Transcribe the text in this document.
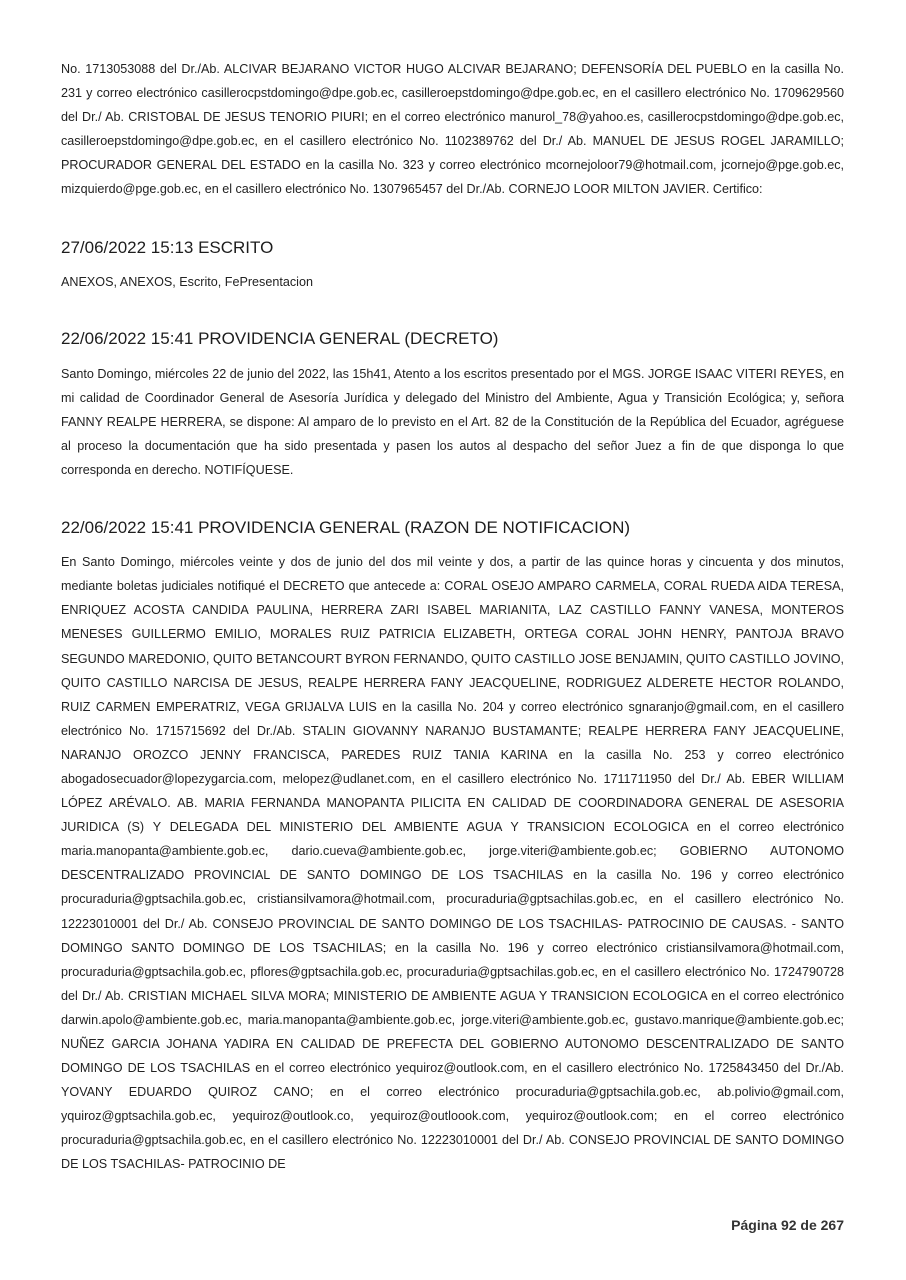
No. 1713053088 del Dr./Ab. ALCIVAR BEJARANO VICTOR HUGO ALCIVAR BEJARANO; DEFENSORÍA DEL PUEBLO en la casilla No. 231 y correo electrónico casillerocpstdomingo@dpe.gob.ec, casilleroepstdomingo@dpe.gob.ec, en el casillero electrónico No. 1709629560 del Dr./ Ab. CRISTOBAL DE JESUS TENORIO PIURI; en el correo electrónico manurol_78@yahoo.es, casillerocpstdomingo@dpe.gob.ec, casilleroepstdomingo@dpe.gob.ec, en el casillero electrónico No. 1102389762 del Dr./ Ab. MANUEL DE JESUS ROGEL JARAMILLO; PROCURADOR GENERAL DEL ESTADO en la casilla No. 323 y correo electrónico mcornejoloor79@hotmail.com, jcornejo@pge.gob.ec, mizquierdo@pge.gob.ec, en el casillero electrónico No. 1307965457 del Dr./Ab. CORNEJO LOOR MILTON JAVIER. Certifico:

27/06/2022 15:13 ESCRITO

ANEXOS, ANEXOS, Escrito, FePresentacion

22/06/2022 15:41 PROVIDENCIA GENERAL (DECRETO)

Santo Domingo, miércoles 22 de junio del 2022, las 15h41, Atento a los escritos presentado por el MGS. JORGE ISAAC VITERI REYES, en mi calidad de Coordinador General de Asesoría Jurídica y delegado del Ministro del Ambiente, Agua y Transición Ecológica; y, señora FANNY REALPE HERRERA, se dispone: Al amparo de lo previsto en el Art. 82 de la Constitución de la República del Ecuador, agréguese al proceso la documentación que ha sido presentada y pasen los autos al despacho del señor Juez a fin de que disponga lo que corresponda en derecho. NOTIFÍQUESE.

22/06/2022 15:41 PROVIDENCIA GENERAL (RAZON DE NOTIFICACION)

En Santo Domingo, miércoles veinte y dos de junio del dos mil veinte y dos, a partir de las quince horas y cincuenta y dos minutos, mediante boletas judiciales notifiqué el DECRETO que antecede a: CORAL OSEJO AMPARO CARMELA, CORAL RUEDA AIDA TERESA, ENRIQUEZ ACOSTA CANDIDA PAULINA, HERRERA ZARI ISABEL MARIANITA, LAZ CASTILLO FANNY VANESA, MONTEROS MENESES GUILLERMO EMILIO, MORALES RUIZ PATRICIA ELIZABETH, ORTEGA CORAL JOHN HENRY, PANTOJA BRAVO SEGUNDO MAREDONIO, QUITO BETANCOURT BYRON FERNANDO, QUITO CASTILLO JOSE BENJAMIN, QUITO CASTILLO JOVINO, QUITO CASTILLO NARCISA DE JESUS, REALPE HERRERA FANY JEACQUELINE, RODRIGUEZ ALDERETE HECTOR ROLANDO, RUIZ CARMEN EMPERATRIZ, VEGA GRIJALVA LUIS en la casilla No. 204 y correo electrónico sgnaranjo@gmail.com, en el casillero electrónico No. 1715715692 del Dr./Ab. STALIN GIOVANNY NARANJO BUSTAMANTE; REALPE HERRERA FANY JEACQUELINE, NARANJO OROZCO JENNY FRANCISCA, PAREDES RUIZ TANIA KARINA en la casilla No. 253 y correo electrónico abogadosecuador@lopezygarcia.com, melopez@udlanet.com, en el casillero electrónico No. 1711711950 del Dr./ Ab. EBER WILLIAM LÓPEZ ARÉVALO. AB. MARIA FERNANDA MANOPANTA PILICITA EN CALIDAD DE COORDINADORA GENERAL DE ASESORIA JURIDICA (S) Y DELEGADA DEL MINISTERIO DEL AMBIENTE AGUA Y TRANSICION ECOLOGICA en el correo electrónico maria.manopanta@ambiente.gob.ec, dario.cueva@ambiente.gob.ec, jorge.viteri@ambiente.gob.ec; GOBIERNO AUTONOMO DESCENTRALIZADO PROVINCIAL DE SANTO DOMINGO DE LOS TSACHILAS en la casilla No. 196 y correo electrónico procuraduria@gptsachila.gob.ec, cristiansilvamora@hotmail.com, procuraduria@gptsachilas.gob.ec, en el casillero electrónico No. 12223010001 del Dr./ Ab. CONSEJO PROVINCIAL DE SANTO DOMINGO DE LOS TSACHILAS- PATROCINIO DE CAUSAS. - SANTO DOMINGO SANTO DOMINGO DE LOS TSACHILAS; en la casilla No. 196 y correo electrónico cristiansilvamora@hotmail.com, procuraduria@gptsachila.gob.ec, pflores@gptsachila.gob.ec, procuraduria@gptsachilas.gob.ec, en el casillero electrónico No. 1724790728 del Dr./ Ab. CRISTIAN MICHAEL SILVA MORA; MINISTERIO DE AMBIENTE AGUA Y TRANSICION ECOLOGICA en el correo electrónico darwin.apolo@ambiente.gob.ec, maria.manopanta@ambiente.gob.ec, jorge.viteri@ambiente.gob.ec, gustavo.manrique@ambiente.gob.ec; NUÑEZ GARCIA JOHANA YADIRA EN CALIDAD DE PREFECTA DEL GOBIERNO AUTONOMO DESCENTRALIZADO DE SANTO DOMINGO DE LOS TSACHILAS en el correo electrónico yequiroz@outlook.com, en el casillero electrónico No. 1725843450 del Dr./Ab. YOVANY EDUARDO QUIROZ CANO; en el correo electrónico procuraduria@gptsachila.gob.ec, ab.polivio@gmail.com, yquiroz@gptsachila.gob.ec, yequiroz@outlook.co, yequiroz@outloook.com, yequiroz@outlook.com; en el correo electrónico procuraduria@gptsachila.gob.ec, en el casillero electrónico No. 12223010001 del Dr./ Ab. CONSEJO PROVINCIAL DE SANTO DOMINGO DE LOS TSACHILAS- PATROCINIO DE

Página 92 de 267
